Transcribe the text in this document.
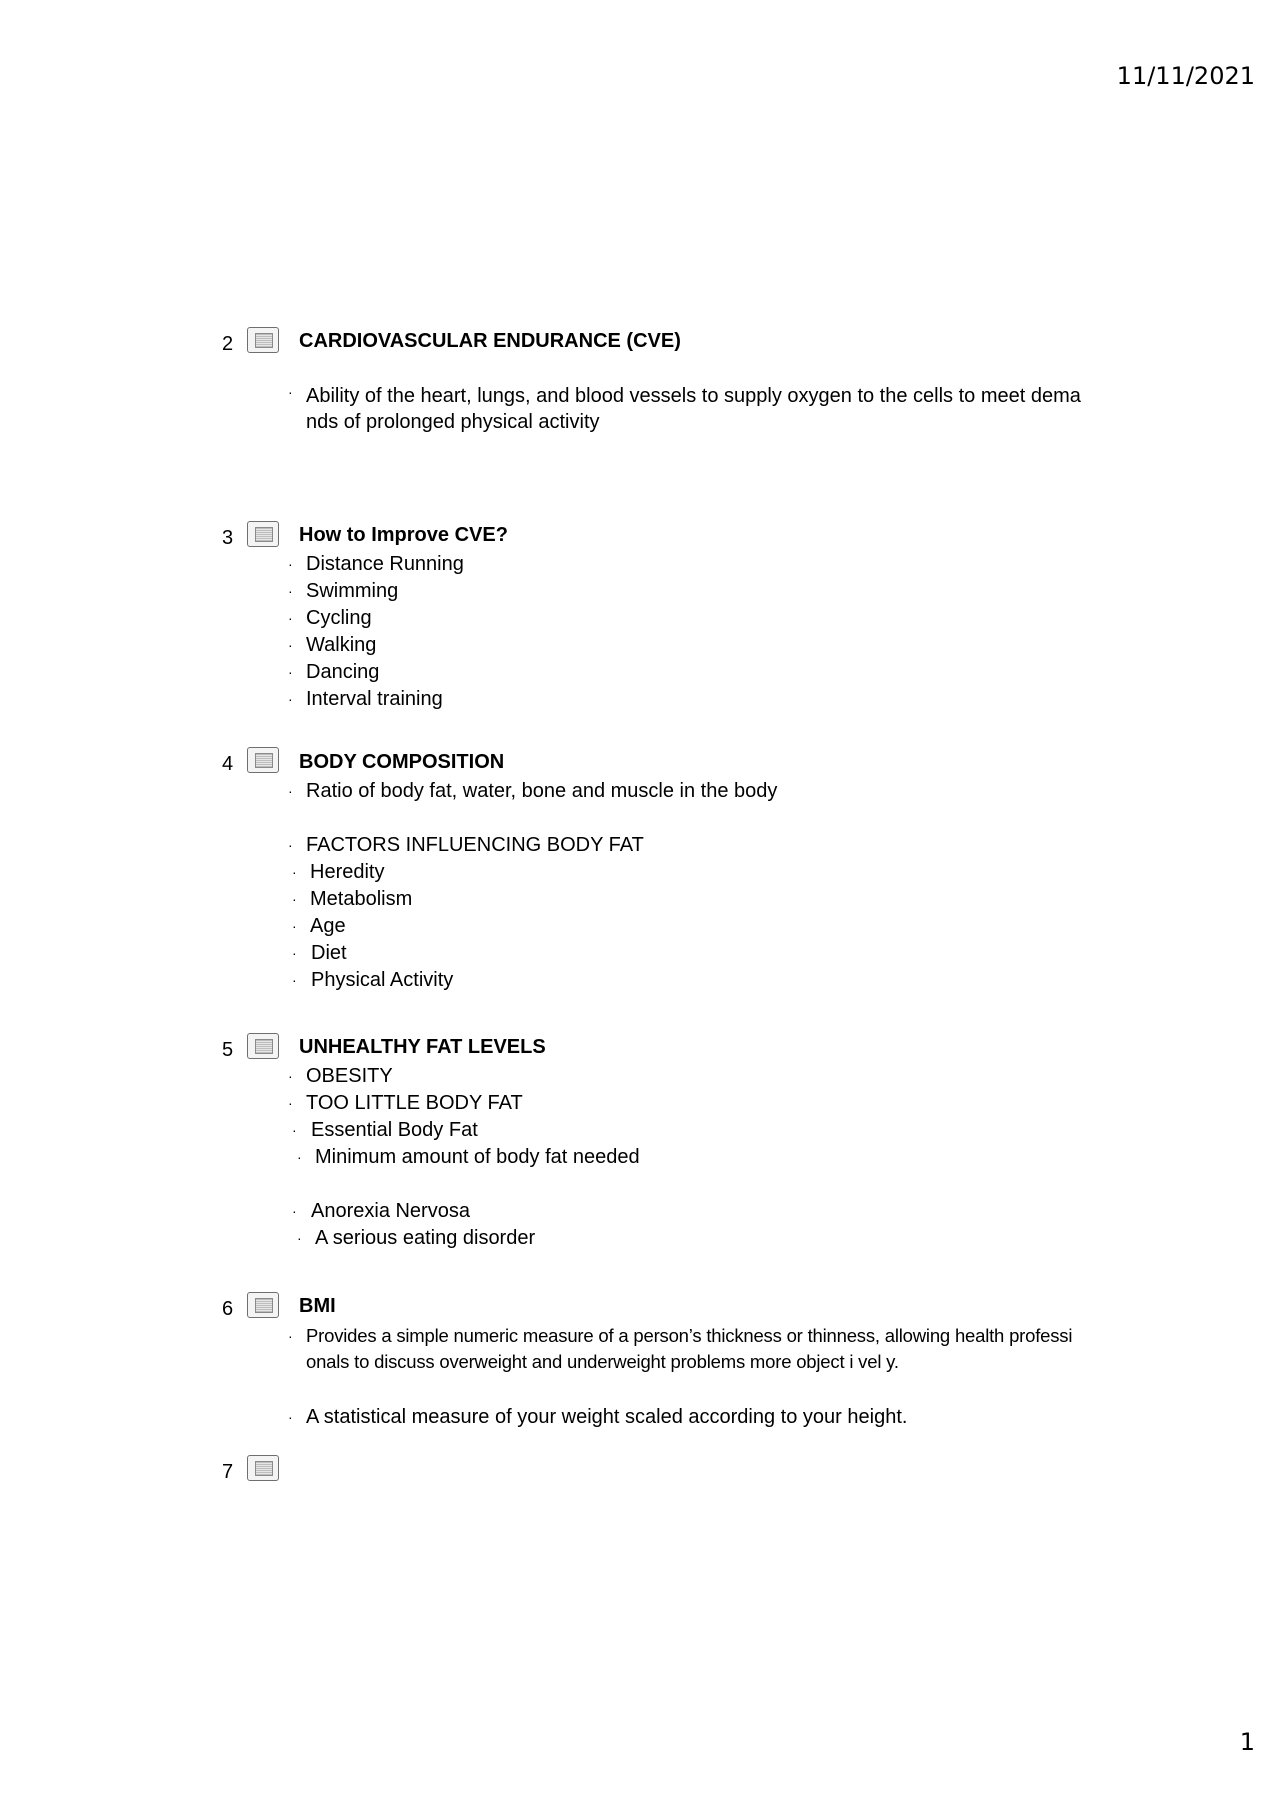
11/11/2021
2	CARDIOVASCULAR ENDURANCE (CVE)
· Ability of the heart, lungs, and blood vessels to supply oxygen to the cells to meet dema
nds of prolonged physical activity
3	How to Improve CVE?
· Distance Running
· Swimming
· Cycling
· Walking
· Dancing
· Interval training
4	BODY COMPOSITION
· Ratio of body fat, water, bone and muscle in the body
· FACTORS INFLUENCING BODY FAT
· Heredity
· Metabolism
· Age
· Diet
· Physical Activity
5	UNHEALTHY FAT LEVELS
· OBESITY
· TOO LITTLE BODY FAT
· Essential Body Fat
· Minimum amount of body fat needed
· Anorexia Nervosa
· A serious eating disorder
6	BMI
· Provides a simple numeric measure of a person’s thickness or thinness, allowing health professi
onals to discuss overweight and underweight problems more object i vel y.
· A statistical measure of your weight scaled according to your height.
7
1
